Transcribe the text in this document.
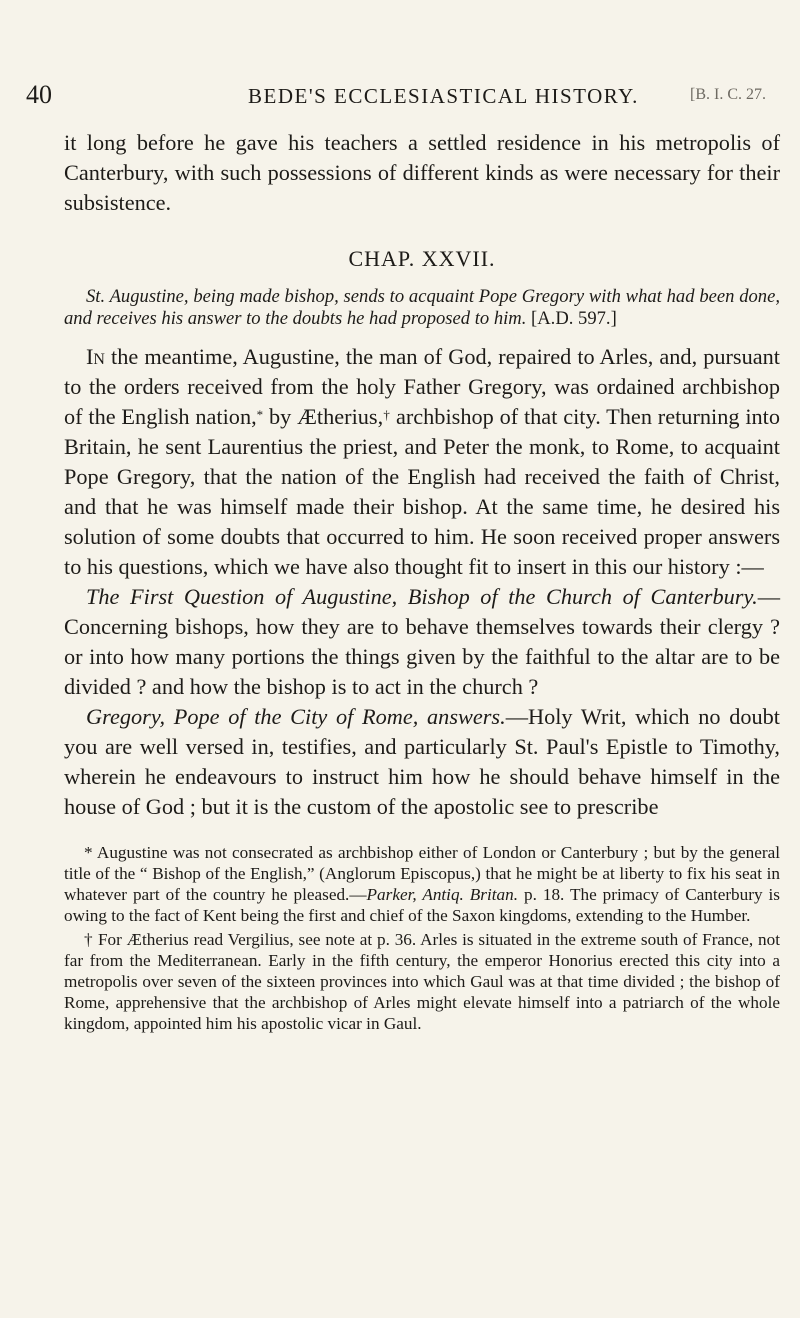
40	BEDE'S ECCLESIASTICAL HISTORY.	[B. I. C. 27.

it long before he gave his teachers a settled residence in his metropolis of Canterbury, with such possessions of different kinds as were necessary for their subsistence.

CHAP. XXVII.

St. Augustine, being made bishop, sends to acquaint Pope Gregory with what had been done, and receives his answer to the doubts he had proposed to him. [A.D. 597.]

In the meantime, Augustine, the man of God, repaired to Arles, and, pursuant to the orders received from the holy Father Gregory, was ordained archbishop of the English nation,* by Ætherius,† archbishop of that city. Then returning into Britain, he sent Laurentius the priest, and Peter the monk, to Rome, to acquaint Pope Gregory, that the nation of the English had received the faith of Christ, and that he was himself made their bishop. At the same time, he desired his solution of some doubts that occurred to him. He soon received proper answers to his questions, which we have also thought fit to insert in this our history :—

The First Question of Augustine, Bishop of the Church of Canterbury.—Concerning bishops, how they are to behave themselves towards their clergy ? or into how many portions the things given by the faithful to the altar are to be divided ? and how the bishop is to act in the church ?

Gregory, Pope of the City of Rome, answers.—Holy Writ, which no doubt you are well versed in, testifies, and particularly St. Paul's Epistle to Timothy, wherein he endeavours to instruct him how he should behave himself in the house of God ; but it is the custom of the apostolic see to prescribe

* Augustine was not consecrated as archbishop either of London or Canterbury ; but by the general title of the “ Bishop of the English,” (Anglorum Episcopus,) that he might be at liberty to fix his seat in whatever part of the country he pleased.—Parker, Antiq. Britan. p. 18. The primacy of Canterbury is owing to the fact of Kent being the first and chief of the Saxon kingdoms, extending to the Humber.

† For Ætherius read Vergilius, see note at p. 36. Arles is situated in the extreme south of France, not far from the Mediterranean. Early in the fifth century, the emperor Honorius erected this city into a metropolis over seven of the sixteen provinces into which Gaul was at that time divided ; the bishop of Rome, apprehensive that the archbishop of Arles might elevate himself into a patriarch of the whole kingdom, appointed him his apostolic vicar in Gaul.
